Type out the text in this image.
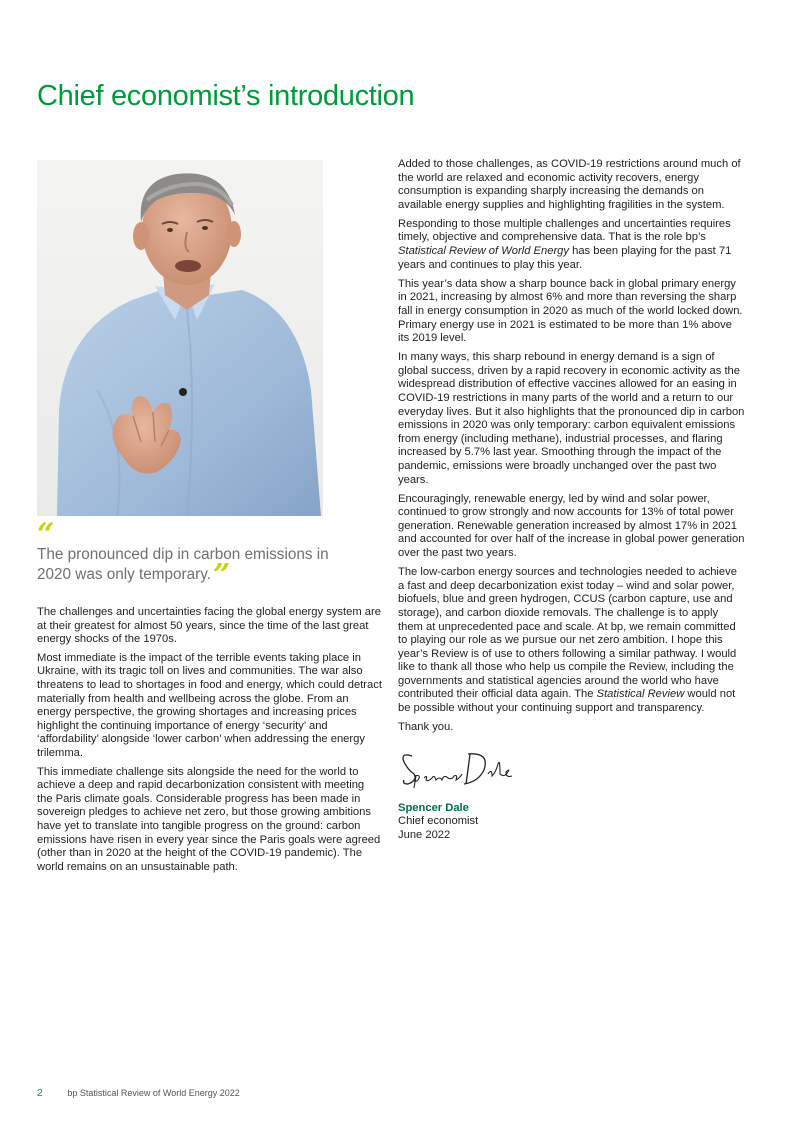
Chief economist’s introduction
“

The pronounced dip in carbon emissions in 2020 was only temporary.”

The challenges and uncertainties facing the global energy system are at their greatest for almost 50 years, since the time of the last great energy shocks of the 1970s.

Most immediate is the impact of the terrible events taking place in Ukraine, with its tragic toll on lives and communities. The war also threatens to lead to shortages in food and energy, which could detract materially from health and wellbeing across the globe. From an energy perspective, the growing shortages and increasing prices highlight the continuing importance of energy ‘security’ and ‘affordability’ alongside ‘lower carbon’ when addressing the energy trilemma.

This immediate challenge sits alongside the need for the world to achieve a deep and rapid decarbonization consistent with meeting the Paris climate goals. Considerable progress has been made in sovereign pledges to achieve net zero, but those growing ambitions have yet to translate into tangible progress on the ground: carbon emissions have risen in every year since the Paris goals were agreed (other than in 2020 at the height of the COVID-19 pandemic). The world remains on an unsustainable path.

Added to those challenges, as COVID-19 restrictions around much of the world are relaxed and economic activity recovers, energy consumption is expanding sharply increasing the demands on available energy supplies and highlighting fragilities in the system.

Responding to those multiple challenges and uncertainties requires timely, objective and comprehensive data. That is the role bp’s Statistical Review of World Energy has been playing for the past 71 years and continues to play this year.

This year’s data show a sharp bounce back in global primary energy in 2021, increasing by almost 6% and more than reversing the sharp fall in energy consumption in 2020 as much of the world locked down. Primary energy use in 2021 is estimated to be more than 1% above its 2019 level.

In many ways, this sharp rebound in energy demand is a sign of global success, driven by a rapid recovery in economic activity as the widespread distribution of effective vaccines allowed for an easing in COVID-19 restrictions in many parts of the world and a return to our everyday lives. But it also highlights that the pronounced dip in carbon emissions in 2020 was only temporary: carbon equivalent emissions from energy (including methane), industrial processes, and flaring increased by 5.7% last year. Smoothing through the impact of the pandemic, emissions were broadly unchanged over the past two years.

Encouragingly, renewable energy, led by wind and solar power, continued to grow strongly and now accounts for 13% of total power generation. Renewable generation increased by almost 17% in 2021 and accounted for over half of the increase in global power generation over the past two years.

The low-carbon energy sources and technologies needed to achieve a fast and deep decarbonization exist today – wind and solar power, biofuels, blue and green hydrogen, CCUS (carbon capture, use and storage), and carbon dioxide removals. The challenge is to apply them at unprecedented pace and scale. At bp, we remain committed to playing our role as we pursue our net zero ambition. I hope this year’s Review is of use to others following a similar pathway. I would like to thank all those who help us compile the Review, including the governments and statistical agencies around the world who have contributed their official data again. The Statistical Review would not be possible without your continuing support and transparency.

Thank you.

Spencer Dale
Chief economist
June 2022
2	bp Statistical Review of World Energy 2022
